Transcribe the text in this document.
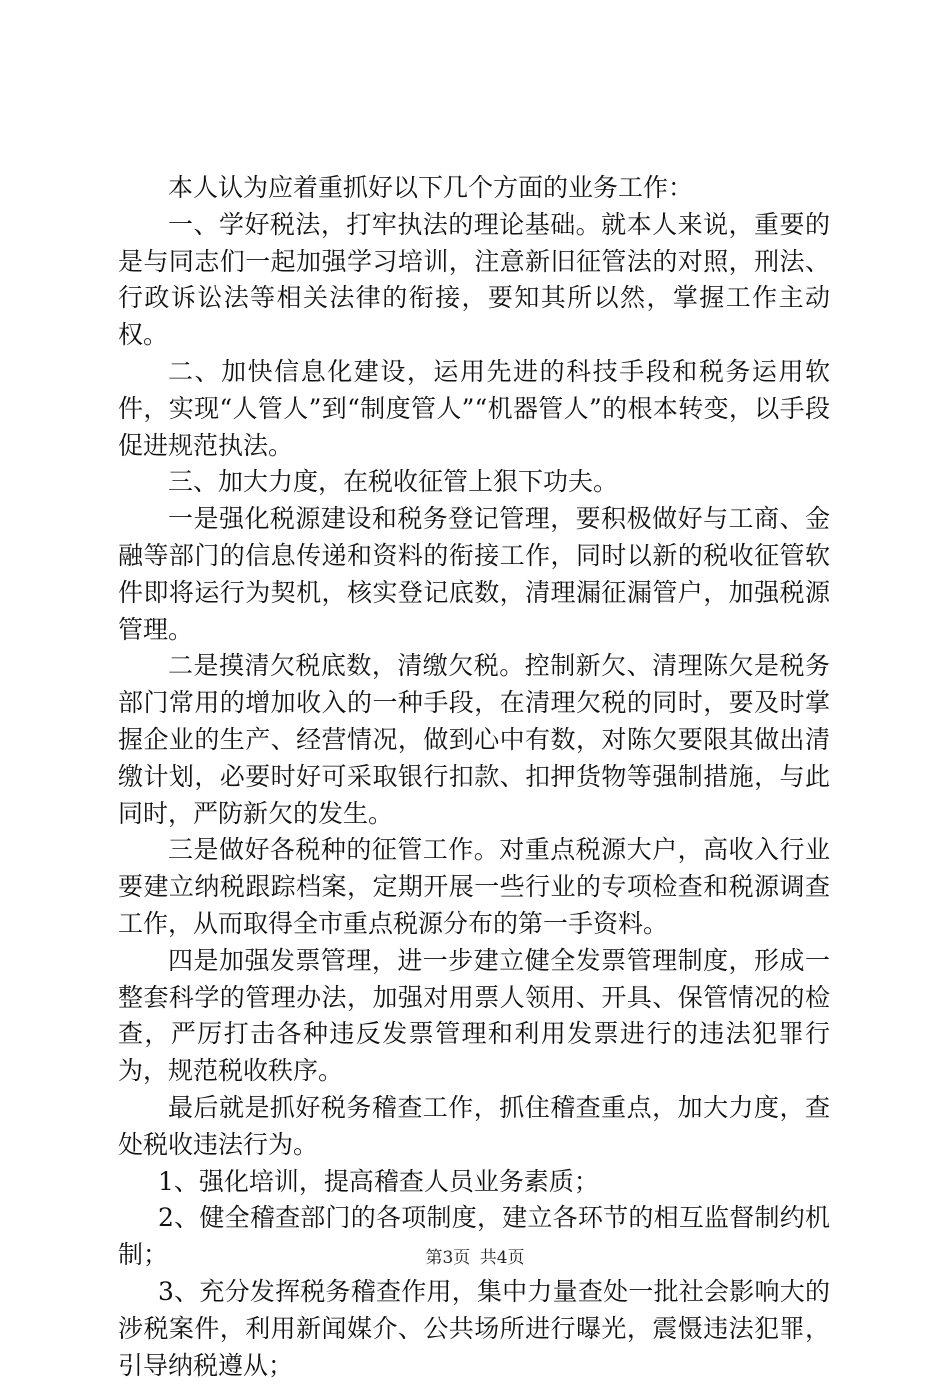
本人认为应着重抓好以下几个方面的业务工作：

一、学好税法，打牢执法的理论基础。就本人来说，重要的是与同志们一起加强学习培训，注意新旧征管法的对照，刑法、行政诉讼法等相关法律的衔接，要知其所以然，掌握工作主动权。

二、加快信息化建设，运用先进的科技手段和税务运用软件，实现“人管人”到“制度管人”“机器管人”的根本转变，以手段促进规范执法。

三、加大力度，在税收征管上狠下功夫。

一是强化税源建设和税务登记管理，要积极做好与工商、金融等部门的信息传递和资料的衔接工作，同时以新的税收征管软件即将运行为契机，核实登记底数，清理漏征漏管户，加强税源管理。

二是摸清欠税底数，清缴欠税。控制新欠、清理陈欠是税务部门常用的增加收入的一种手段，在清理欠税的同时，要及时掌握企业的生产、经营情况，做到心中有数，对陈欠要限其做出清缴计划，必要时好可采取银行扣款、扣押货物等强制措施，与此同时，严防新欠的发生。

三是做好各税种的征管工作。对重点税源大户，高收入行业要建立纳税跟踪档案，定期开展一些行业的专项检查和税源调查工作，从而取得全市重点税源分布的第一手资料。

四是加强发票管理，进一步建立健全发票管理制度，形成一整套科学的管理办法，加强对用票人领用、开具、保管情况的检查，严厉打击各种违反发票管理和利用发票进行的违法犯罪行为，规范税收秩序。

最后就是抓好税务稽查工作，抓住稽查重点，加大力度，查处税收违法行为。

1、强化培训，提高稽查人员业务素质；

2、健全稽查部门的各项制度，建立各环节的相互监督制约机制；

3、充分发挥税务稽查作用，集中力量查处一批社会影响大的涉税案件，利用新闻媒介、公共场所进行曝光，震慑违法犯罪，引导纳税遵从；

第3页 共4页
